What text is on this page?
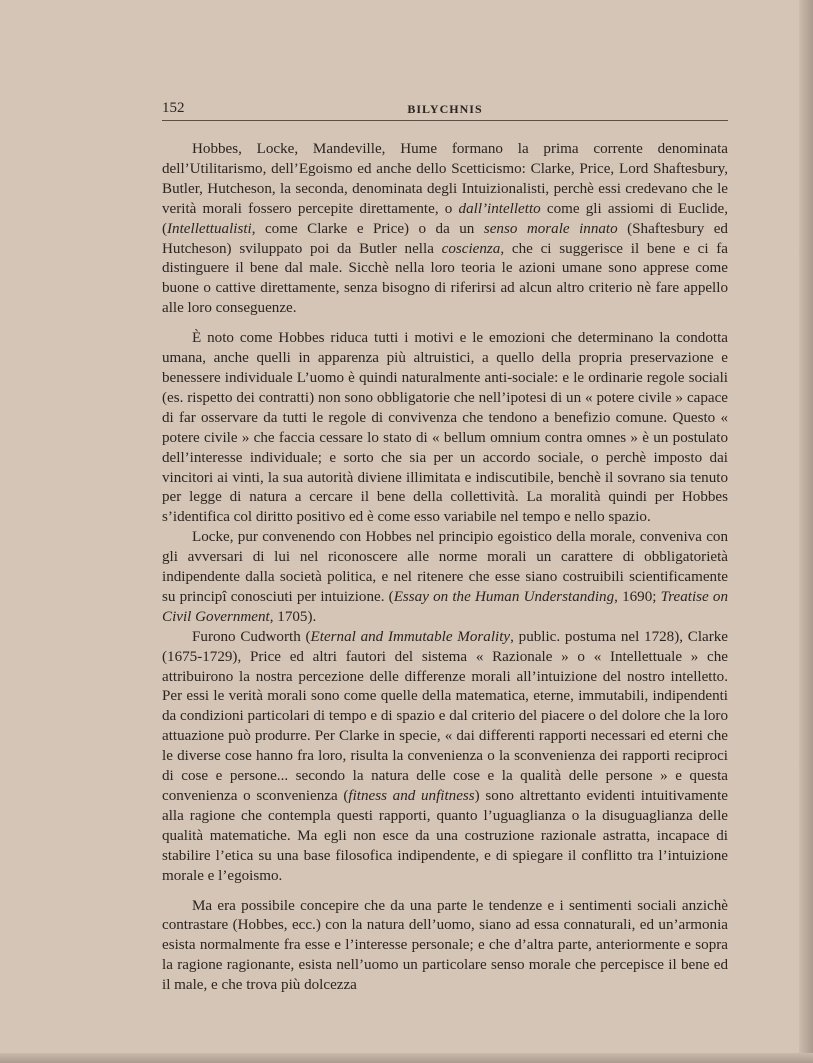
152	BILYCHNIS

Hobbes, Locke, Mandeville, Hume formano la prima corrente denominata dell’Utilitarismo, dell’Egoismo ed anche dello Scetticismo: Clarke, Price, Lord Shaftesbury, Butler, Hutcheson, la seconda, denominata degli Intuizionalisti, perchè essi credevano che le verità morali fossero percepite direttamente, o dall’intelletto come gli assiomi di Euclide, (Intellettualisti, come Clarke e Price) o da un senso morale innato (Shaftesbury ed Hutcheson) sviluppato poi da Butler nella coscienza, che ci suggerisce il bene e ci fa distinguere il bene dal male. Sicchè nella loro teoria le azioni umane sono apprese come buone o cattive direttamente, senza bisogno di riferirsi ad alcun altro criterio nè fare appello alle loro conseguenze.

È noto come Hobbes riduca tutti i motivi e le emozioni che determinano la condotta umana, anche quelli in apparenza più altruistici, a quello della propria preservazione e benessere individuale L’uomo è quindi naturalmente anti-sociale: e le ordinarie regole sociali (es. rispetto dei contratti) non sono obbligatorie che nell’ipotesi di un « potere civile » capace di far osservare da tutti le regole di convivenza che tendono a benefizio comune. Questo « potere civile » che faccia cessare lo stato di « bellum omnium contra omnes » è un postulato dell’interesse individuale; e sorto che sia per un accordo sociale, o perchè imposto dai vincitori ai vinti, la sua autorità diviene illimitata e indiscutibile, benchè il sovrano sia tenuto per legge di natura a cercare il bene della collettività. La moralità quindi per Hobbes s’identifica col diritto positivo ed è come esso variabile nel tempo e nello spazio.

Locke, pur convenendo con Hobbes nel principio egoistico della morale, conveniva con gli avversari di lui nel riconoscere alle norme morali un carattere di obbligatorietà indipendente dalla società politica, e nel ritenere che esse siano costruibili scientificamente su principî conosciuti per intuizione. (Essay on the Human Understanding, 1690; Treatise on Civil Government, 1705).

Furono Cudworth (Eternal and Immutable Morality, public. postuma nel 1728), Clarke (1675-1729), Price ed altri fautori del sistema « Razionale » o « Intellettuale » che attribuirono la nostra percezione delle differenze morali all’intuizione del nostro intelletto. Per essi le verità morali sono come quelle della matematica, eterne, immutabili, indipendenti da condizioni particolari di tempo e di spazio e dal criterio del piacere o del dolore che la loro attuazione può produrre. Per Clarke in specie, « dai differenti rapporti necessari ed eterni che le diverse cose hanno fra loro, risulta la convenienza o la sconvenienza dei rapporti reciproci di cose e persone... secondo la natura delle cose e la qualità delle persone » e questa convenienza o sconvenienza (fitness and unfitness) sono altrettanto evidenti intuitivamente alla ragione che contempla questi rapporti, quanto l’uguaglianza o la disuguaglianza delle qualità matematiche. Ma egli non esce da una costruzione razionale astratta, incapace di stabilire l’etica su una base filosofica indipendente, e di spiegare il conflitto tra l’intuizione morale e l’egoismo.

Ma era possibile concepire che da una parte le tendenze e i sentimenti sociali anzichè contrastare (Hobbes, ecc.) con la natura dell’uomo, siano ad essa connaturali, ed un’armonia esista normalmente fra esse e l’interesse personale; e che d’altra parte, anteriormente e sopra la ragione ragionante, esista nell’uomo un particolare senso morale che percepisce il bene ed il male, e che trova più dolcezza
